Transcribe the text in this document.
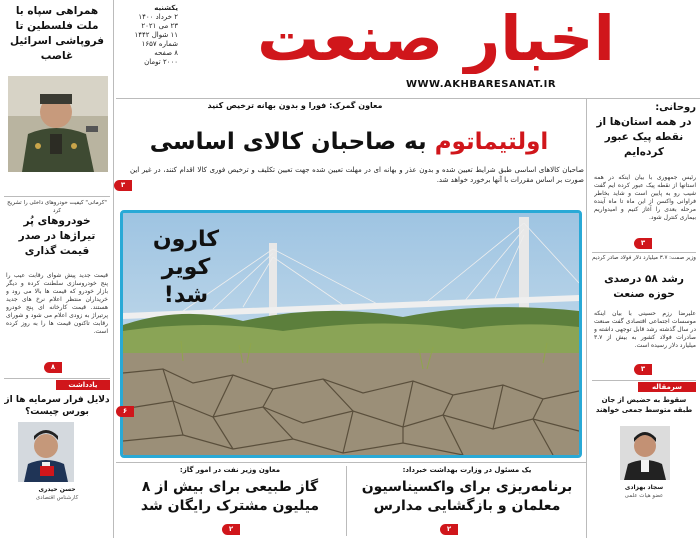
اخبار صنعت
WWW.AKHBARESANAT.IR
یکشنبه
۲ خرداد ۱۴۰۰
۲۳ می ۲۰۲۱
۱۱ شوال ۱۴۴۲
شماره ۱۶۵۷
۸ صفحه
۲۰۰۰ تومان
همراهی سپاه با ملت فلسطین تا فروپاشی اسرائیل غاصب
"کرمانی" کیفیت خودروهای داخلی را تشریح کرد
خودروهای پُر تیراژها در صدر قیمت گذاری
قیمت جدید پیش شوای رقابت عیب را پنج خودروسازی سلطنت کرده و دیگر بازار خودرو که قیمت ها بالا می رود و خریداران منتظر اعلام نرخ های جدید هستند. قیمت کارخانه ای پنج خودرو پرتیراژ به زودی اعلام می شود و شورای رقابت تاکنون قیمت ها را به روز کرده است.
۸
یادداشت
دلایل فرار سرمایه ها از بورس چیست؟
حسن حیدری
کارشناس اقتصادی
معاون گمرک: فورا و بدون بهانه ترخیص کنید
اولتیماتوم به صاحبان کالای اساسی
صاحبان کالاهای اساسی طبق شرایط تعیین شده و بدون عذر و بهانه ای در مهلت تعیین شده جهت تعیین تکلیف و ترخیص فوری کالا اقدام کنند، در غیر این صورت بر اساس مقررات با آنها برخورد خواهد شد.
۳
کارون کویر شد!
۶
یک مسئول در وزارت بهداشت خبرداد:
برنامه‌ریزی برای واکسیناسیون معلمان و بازگشایی مدارس
۲
معاون وزیر نفت در امور گاز:
گاز طبیعی برای بیش از ۸ میلیون مشترک رایگان شد
۲
روحانی:
در همه استان‌ها از نقطه پیک عبور کرده‌ایم
رئیس جمهوری با بیان اینکه در همه استانها از نقطه پیک عبور کرده ایم گفت شیب رو به پایین است و شاید بخاطر فراوانی واکسن از این ماه تا ماه آینده مرحله بعدی را آغاز کنیم و امیدواریم بیماری کنترل شود.
۳
وزیر صمت: ۳.۷ میلیارد دلار فولاد صادر کردیم
رشد ۵۸ درصدی حوزه صنعت
علیرضا رزم حسینی با بیان اینکه موسسات اجتماعی اقتصادی گفت صنعت در سال گذشته رشد قابل توجهی داشته و صادرات فولاد کشور به بیش از ۳.۷ میلیارد دلار رسیده است.
۳
سرمقاله
سقوط به حضیض از جان طبقه متوسط جمعی خواهند
سجاد بهزادی
عضو هیات علمی
